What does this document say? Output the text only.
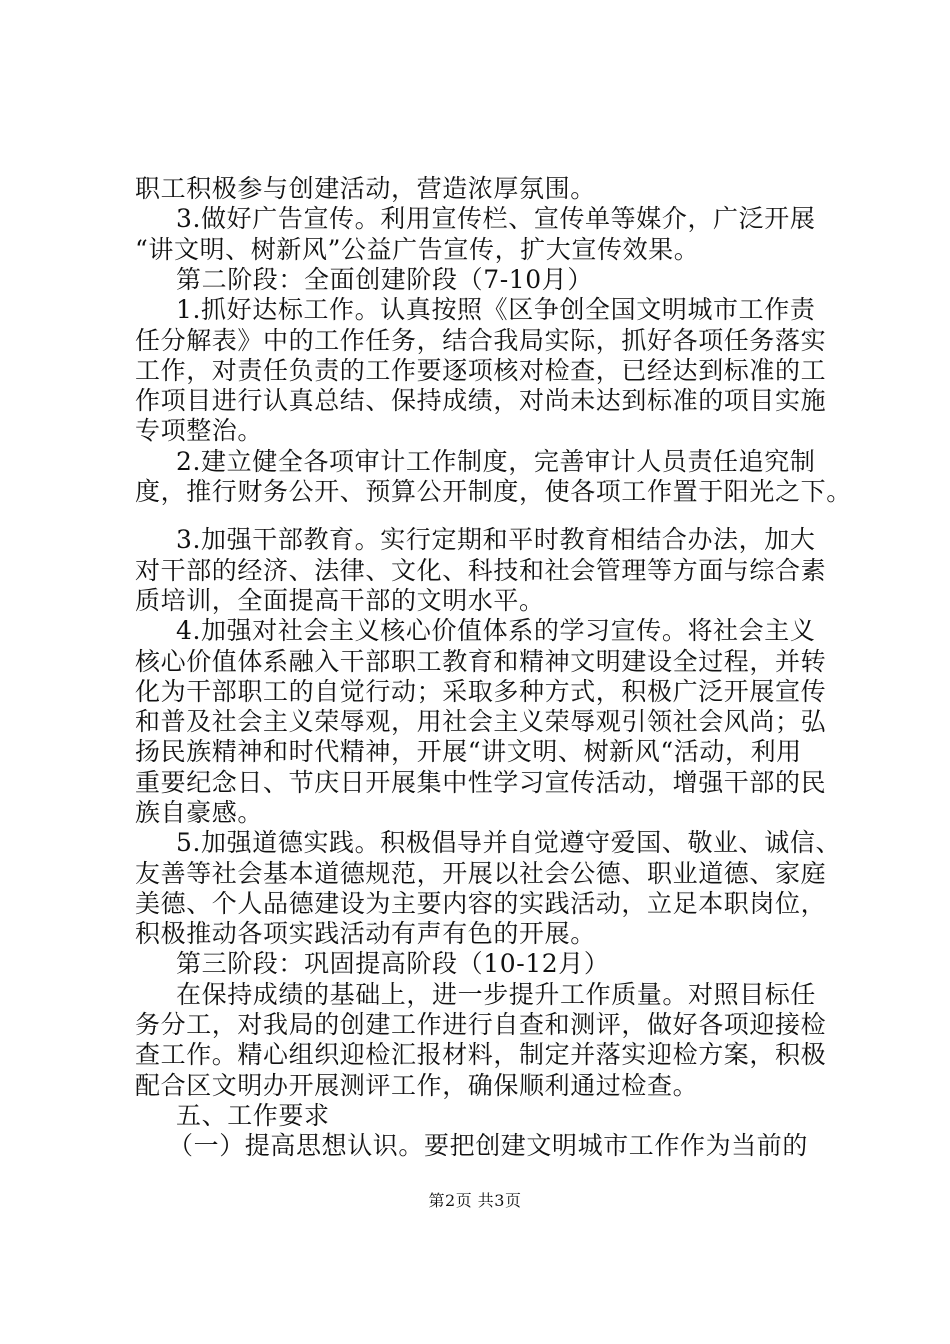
职工积极参与创建活动，营造浓厚氛围。
3.做好广告宣传。利用宣传栏、宣传单等媒介，广泛开展
“讲文明、树新风”公益广告宣传，扩大宣传效果。
第二阶段：全面创建阶段（7-10月）
1.抓好达标工作。认真按照《区争创全国文明城市工作责
任分解表》中的工作任务，结合我局实际，抓好各项任务落实
工作，对责任负责的工作要逐项核对检查，已经达到标准的工
作项目进行认真总结、保持成绩，对尚未达到标准的项目实施
专项整治。
2.建立健全各项审计工作制度，完善审计人员责任追究制
度，推行财务公开、预算公开制度，使各项工作置于阳光之下。
3.加强干部教育。实行定期和平时教育相结合办法，加大
对干部的经济、法律、文化、科技和社会管理等方面与综合素
质培训，全面提高干部的文明水平。
4.加强对社会主义核心价值体系的学习宣传。将社会主义
核心价值体系融入干部职工教育和精神文明建设全过程，并转
化为干部职工的自觉行动；采取多种方式，积极广泛开展宣传
和普及社会主义荣辱观，用社会主义荣辱观引领社会风尚；弘
扬民族精神和时代精神，开展“讲文明、树新风“活动，利用
重要纪念日、节庆日开展集中性学习宣传活动，增强干部的民
族自豪感。
5.加强道德实践。积极倡导并自觉遵守爱国、敬业、诚信、
友善等社会基本道德规范，开展以社会公德、职业道德、家庭
美德、个人品德建设为主要内容的实践活动，立足本职岗位，
积极推动各项实践活动有声有色的开展。
第三阶段：巩固提高阶段（10-12月）
在保持成绩的基础上，进一步提升工作质量。对照目标任
务分工，对我局的创建工作进行自查和测评，做好各项迎接检
查工作。精心组织迎检汇报材料，制定并落实迎检方案，积极
配合区文明办开展测评工作，确保顺利通过检查。
五、工作要求
（一）提高思想认识。要把创建文明城市工作作为当前的
第2页 共3页
